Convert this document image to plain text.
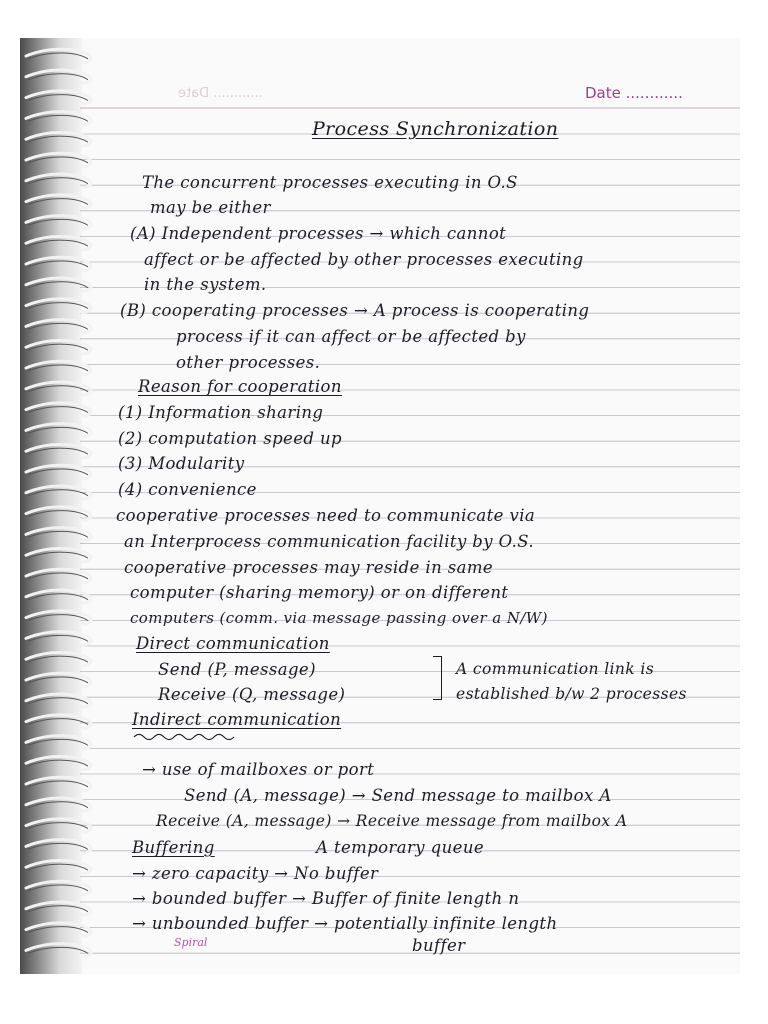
............ Date	Date ............
Process Synchronization
The concurrent processes executing in O.S
may be either
(A) Independent processes → which cannot
affect or be affected by other processes executing
in the system.
(B) cooperating processes → A process is cooperating
process if it can affect or be affected by
other processes.
Reason for cooperation
(1) Information sharing
(2) computation speed up
(3) Modularity
(4) convenience
cooperative processes need to communicate via
an Interprocess communication facility by O.S.
cooperative processes may reside in same
computer (sharing memory) or on different
computers (comm. via message passing over a N/W)
Direct communication
Send (P, message)
Receive (Q, message)
A communication link is
established b/w 2 processes
Indirect communication
→ use of mailboxes or port
Send (A, message) → Send message to mailbox A
Receive (A, message) → Receive message from mailbox A
Buffering	A temporary queue
→ zero capacity → No buffer
→ bounded buffer → Buffer of finite length n
→ unbounded buffer → potentially infinite length
buffer
Spiral
